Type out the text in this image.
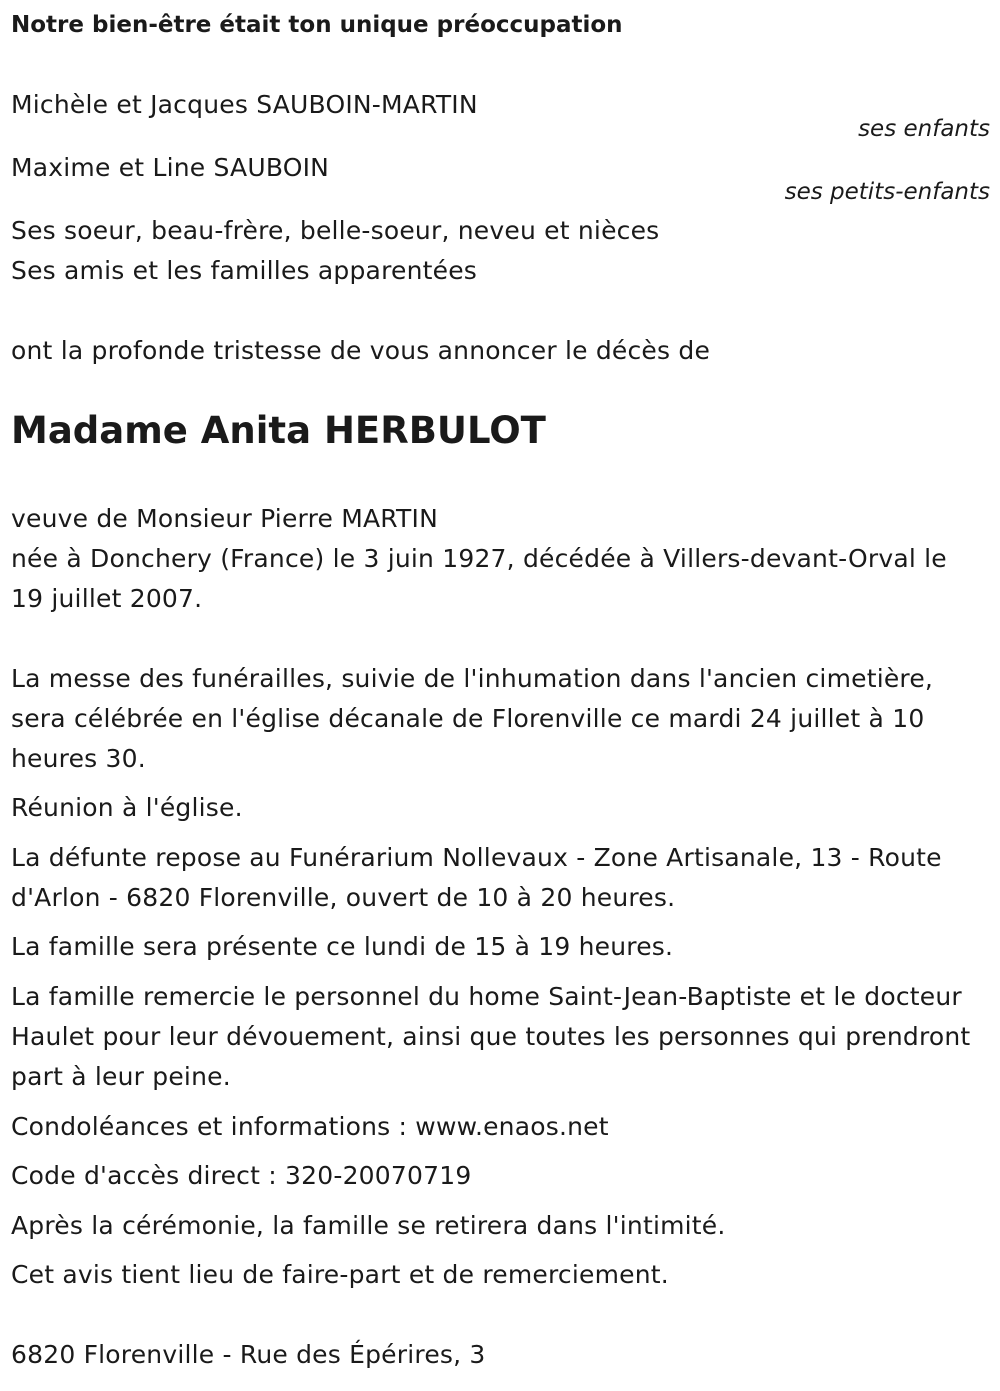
Notre bien-être était ton unique préoccupation
Michèle et Jacques SAUBOIN-MARTIN
ses enfants
Maxime et Line SAUBOIN
ses petits-enfants
Ses soeur, beau-frère, belle-soeur, neveu et nièces
Ses amis et les familles apparentées
ont la profonde tristesse de vous annoncer le décès de
Madame Anita HERBULOT
veuve de Monsieur Pierre MARTIN
née à Donchery (France) le 3 juin 1927, décédée à Villers-devant-Orval le 19 juillet 2007.
La messe des funérailles, suivie de l'inhumation dans l'ancien cimetière, sera célébrée en l'église décanale de Florenville ce mardi 24 juillet à 10 heures 30.
Réunion à l'église.
La défunte repose au Funérarium Nollevaux - Zone Artisanale, 13 - Route d'Arlon - 6820 Florenville, ouvert de 10 à 20 heures.
La famille sera présente ce lundi de 15 à 19 heures.
La famille remercie le personnel du home Saint-Jean-Baptiste et le docteur Haulet pour leur dévouement, ainsi que toutes les personnes qui prendront part à leur peine.
Condoléances et informations : www.enaos.net
Code d'accès direct : 320-20070719
Après la cérémonie, la famille se retirera dans l'intimité.
Cet avis tient lieu de faire-part et de remerciement.
6820 Florenville - Rue des Épérires, 3
